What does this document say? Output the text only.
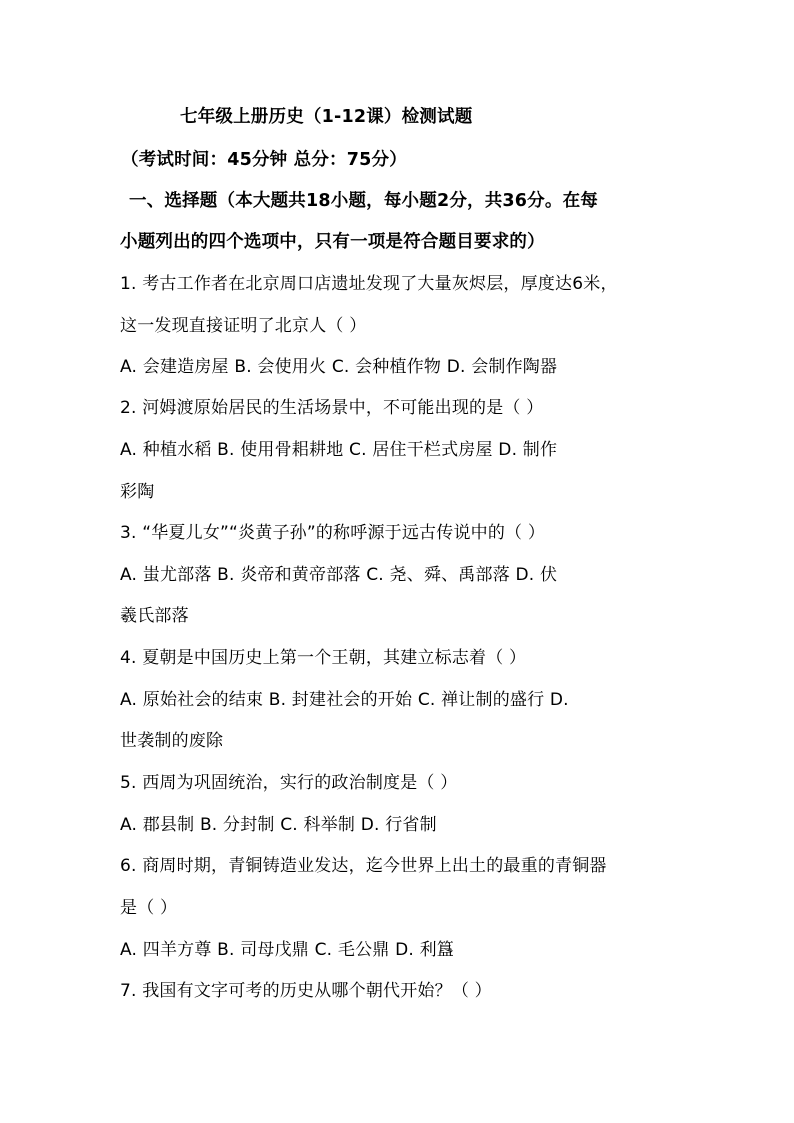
七年级上册历史（1-12课）检测试题
（考试时间：45分钟 总分：75分）
一、选择题（本大题共18小题，每小题2分，共36分。在每
小题列出的四个选项中，只有一项是符合题目要求的）
1. 考古工作者在北京周口店遗址发现了大量灰烬层，厚度达6米，
这一发现直接证明了北京人（ ）
A. 会建造房屋 B. 会使用火 C. 会种植作物 D. 会制作陶器
2. 河姆渡原始居民的生活场景中，不可能出现的是（ ）
A. 种植水稻 B. 使用骨耜耕地 C. 居住干栏式房屋 D. 制作
彩陶
3. “华夏儿女”“炎黄子孙”的称呼源于远古传说中的（ ）
A. 蚩尤部落 B. 炎帝和黄帝部落 C. 尧、舜、禹部落 D. 伏
羲氏部落
4. 夏朝是中国历史上第一个王朝，其建立标志着（ ）
A. 原始社会的结束 B. 封建社会的开始 C. 禅让制的盛行 D.
世袭制的废除
5. 西周为巩固统治，实行的政治制度是（ ）
A. 郡县制 B. 分封制 C. 科举制 D. 行省制
6. 商周时期，青铜铸造业发达，迄今世界上出土的最重的青铜器
是（ ）
A. 四羊方尊 B. 司母戊鼎 C. 毛公鼎 D. 利簋
7. 我国有文字可考的历史从哪个朝代开始？（ ）
